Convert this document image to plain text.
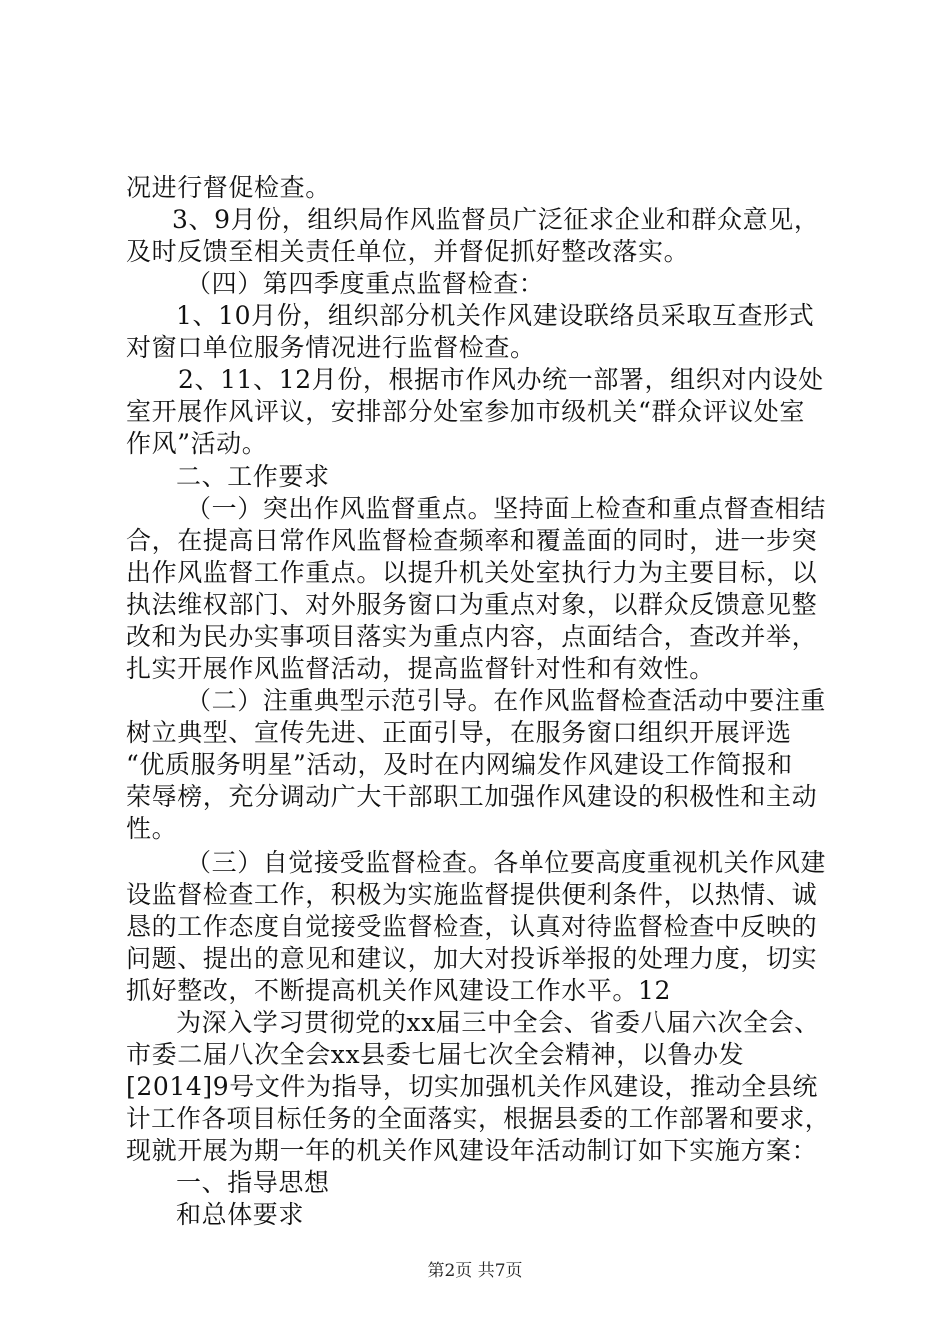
况进行督促检查。
3、9月份，组织局作风监督员广泛征求企业和群众意见，
及时反馈至相关责任单位，并督促抓好整改落实。
（四）第四季度重点监督检查：
1、10月份，组织部分机关作风建设联络员采取互查形式
对窗口单位服务情况进行监督检查。
2、11、12月份，根据市作风办统一部署，组织对内设处
室开展作风评议，安排部分处室参加市级机关“群众评议处室
作风”活动。
二、工作要求
（一）突出作风监督重点。坚持面上检查和重点督查相结
合，在提高日常作风监督检查频率和覆盖面的同时，进一步突
出作风监督工作重点。以提升机关处室执行力为主要目标，以
执法维权部门、对外服务窗口为重点对象，以群众反馈意见整
改和为民办实事项目落实为重点内容，点面结合，查改并举，
扎实开展作风监督活动，提高监督针对性和有效性。
（二）注重典型示范引导。在作风监督检查活动中要注重
树立典型、宣传先进、正面引导，在服务窗口组织开展评选
“优质服务明星”活动，及时在内网编发作风建设工作简报和
荣辱榜，充分调动广大干部职工加强作风建设的积极性和主动
性。
（三）自觉接受监督检查。各单位要高度重视机关作风建
设监督检查工作，积极为实施监督提供便利条件，以热情、诚
恳的工作态度自觉接受监督检查，认真对待监督检查中反映的
问题、提出的意见和建议，加大对投诉举报的处理力度，切实
抓好整改，不断提高机关作风建设工作水平。12
为深入学习贯彻党的xx届三中全会、省委八届六次全会、
市委二届八次全会xx县委七届七次全会精神，以鲁办发
[2014]9号文件为指导，切实加强机关作风建设，推动全县统
计工作各项目标任务的全面落实，根据县委的工作部署和要求，
现就开展为期一年的机关作风建设年活动制订如下实施方案：
一、指导思想
和总体要求
第2页 共7页
